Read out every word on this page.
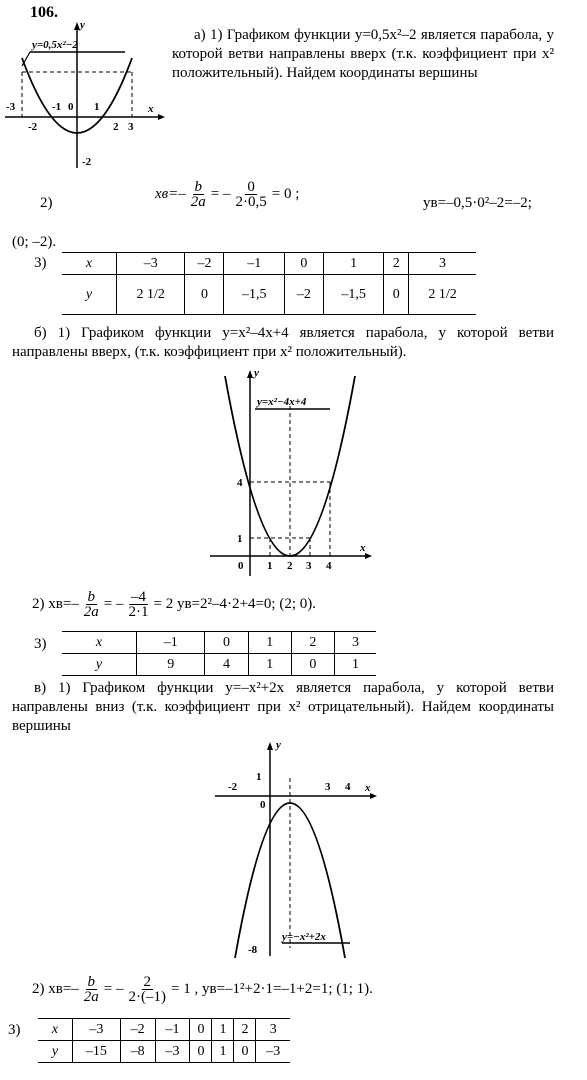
106.
y=0,5x²−2
y
x
-3
-2
-1 0 1
2 3
-2
а) 1) Графиком функции y=0,5x²–2 является парабола, у которой ветви направлены вверх (т.к. коэффициент при x² положительный). Найдем координаты вершины
2)
$xв=- \frac{b}{2a}$ = – $\frac{0}{2\cdot 0,5} = 0$ ;
yв=–0,5·0²–2=–2;
(0; –2).
3)	x	–3	–2	–1	0	1	2	3
y	2 1/2	0	–1,5	–2	–1,5	0	2 1/2
б) 1) Графиком функции y=x²–4x+4 является парабола, у которой ветви направлены вверх, (т.к. коэффициент при x² положительный).
y=x²−4x+4
y
x
0 1 2 3 4
1
4
2) $xв=- \frac{b}{2a}$ = – $\frac{-4}{2\cdot 1} = 2$ yв=2²–4·2+4=0; (2; 0).
3)	x	–1	0	1	2	3
y	9	4	1	0	1
в) 1) Графиком функции y=–x²+2x является парабола, у которой ветви направлены вниз (т.к. коэффициент при x² отрицательный). Найдем координаты вершины
y=−x²+2x
y
x
-2
0
1
3 4
-8
2) $xв=- \frac{b}{2a}$ = – $\frac{2}{2\cdot(-1)} = 1$ , yв=–1²+2·1=–1+2=1; (1; 1).
3) x	–3	–2	–1	0	1	2	3
y	–15	–8	–3	0	1	0	–3
